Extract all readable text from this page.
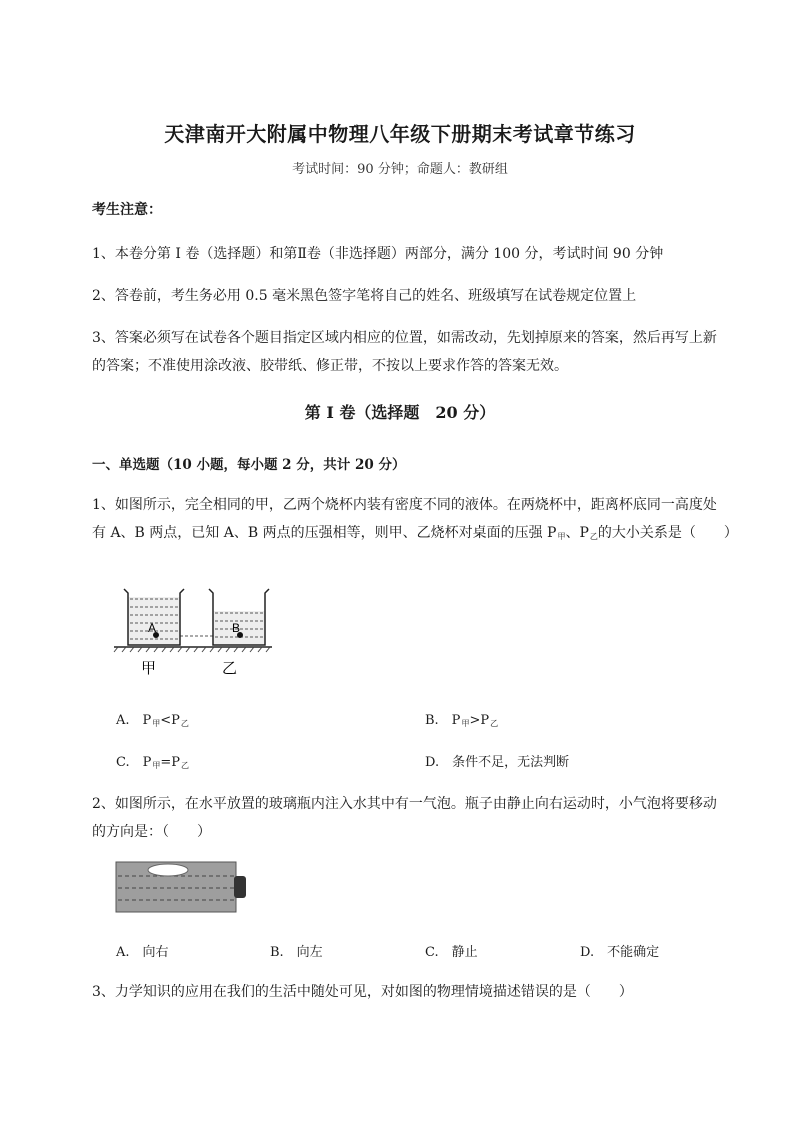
天津南开大附属中物理八年级下册期末考试章节练习
考试时间：90 分钟；命题人：教研组
考生注意：
1、本卷分第 I 卷（选择题）和第Ⅱ卷（非选择题）两部分，满分 100 分，考试时间 90 分钟
2、答卷前，考生务必用 0.5 毫米黑色签字笔将自己的姓名、班级填写在试卷规定位置上
3、答案必须写在试卷各个题目指定区域内相应的位置，如需改动，先划掉原来的答案，然后再写上新
的答案；不准使用涂改液、胶带纸、修正带，不按以上要求作答的答案无效。
第 I 卷（选择题　20 分）
一、单选题（10 小题，每小题 2 分，共计 20 分）
1、如图所示，完全相同的甲，乙两个烧杯内装有密度不同的液体。在两烧杯中，距离杯底同一高度处
有 A、B 两点，已知 A、B 两点的压强相等，则甲、乙烧杯对桌面的压强 $P_甲$、$P_乙$的大小关系是（　　）
A	B
甲	乙
A.　$P_甲<P_乙$	B.　$P_甲>P_乙$
C.　$P_甲=P_乙$	D.　条件不足，无法判断
2、如图所示，在水平放置的玻璃瓶内注入水其中有一气泡。瓶子由静止向右运动时，小气泡将要移动
的方向是：（　　）
A.　向右	B.　向左	C.　静止	D.　不能确定
3、力学知识的应用在我们的生活中随处可见，对如图的物理情境描述错误的是（　　）
